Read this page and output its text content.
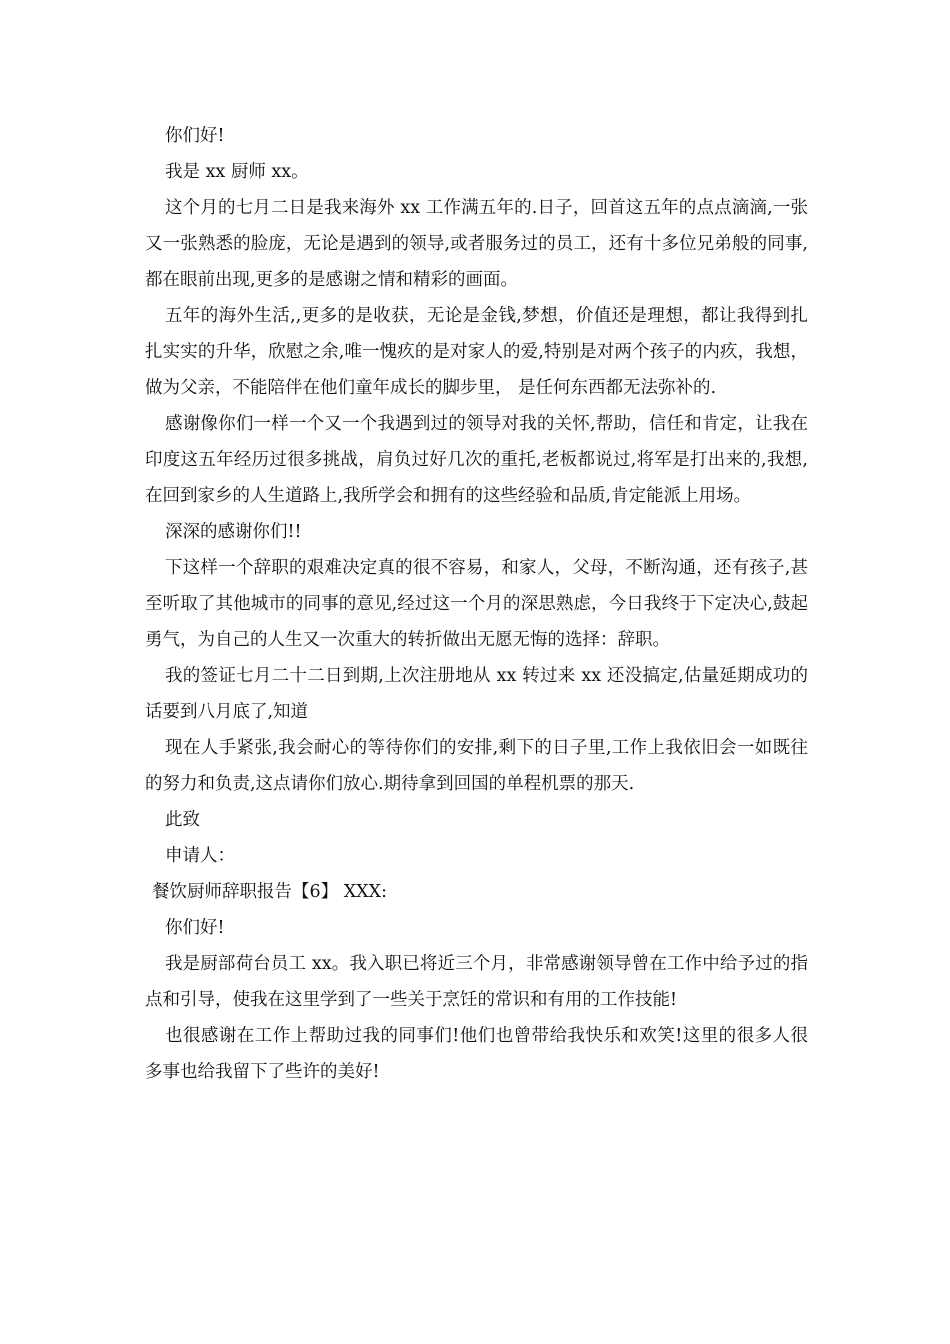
你们好!

我是 xx 厨师 xx。

这个月的七月二日是我来海外 xx 工作满五年的.日子，回首这五年的点点滴滴,一张又一张熟悉的脸庞，无论是遇到的领导,或者服务过的员工，还有十多位兄弟般的同事,都在眼前出现,更多的是感谢之情和精彩的画面。

五年的海外生活,,更多的是收获，无论是金钱,梦想，价值还是理想，都让我得到扎扎实实的升华，欣慰之余,唯一愧疚的是对家人的爱,特别是对两个孩子的内疚，我想，做为父亲，不能陪伴在他们童年成长的脚步里， 是任何东西都无法弥补的.

感谢像你们一样一个又一个我遇到过的领导对我的关怀,帮助，信任和肯定，让我在印度这五年经历过很多挑战，肩负过好几次的重托,老板都说过,将军是打出来的,我想,在回到家乡的人生道路上,我所学会和拥有的这些经验和品质,肯定能派上用场。

深深的感谢你们!!

下这样一个辞职的艰难决定真的很不容易，和家人，父母，不断沟通，还有孩子,甚至听取了其他城市的同事的意见,经过这一个月的深思熟虑，今日我终于下定决心,鼓起勇气，为自己的人生又一次重大的转折做出无愿无悔的选择：辞职。

我的签证七月二十二日到期,上次注册地从 xx 转过来 xx 还没搞定,估量延期成功的话要到八月底了,知道

现在人手紧张,我会耐心的等待你们的安排,剩下的日子里,工作上我依旧会一如既往的努力和负责,这点请你们放心.期待拿到回国的单程机票的那天.

此致

申请人：

餐饮厨师辞职报告【6】 XXX:

你们好!

我是厨部荷台员工 xx。我入职已将近三个月，非常感谢领导曾在工作中给予过的指点和引导，使我在这里学到了一些关于烹饪的常识和有用的工作技能!

也很感谢在工作上帮助过我的同事们!他们也曾带给我快乐和欢笑!这里的很多人很多事也给我留下了些许的美好!
